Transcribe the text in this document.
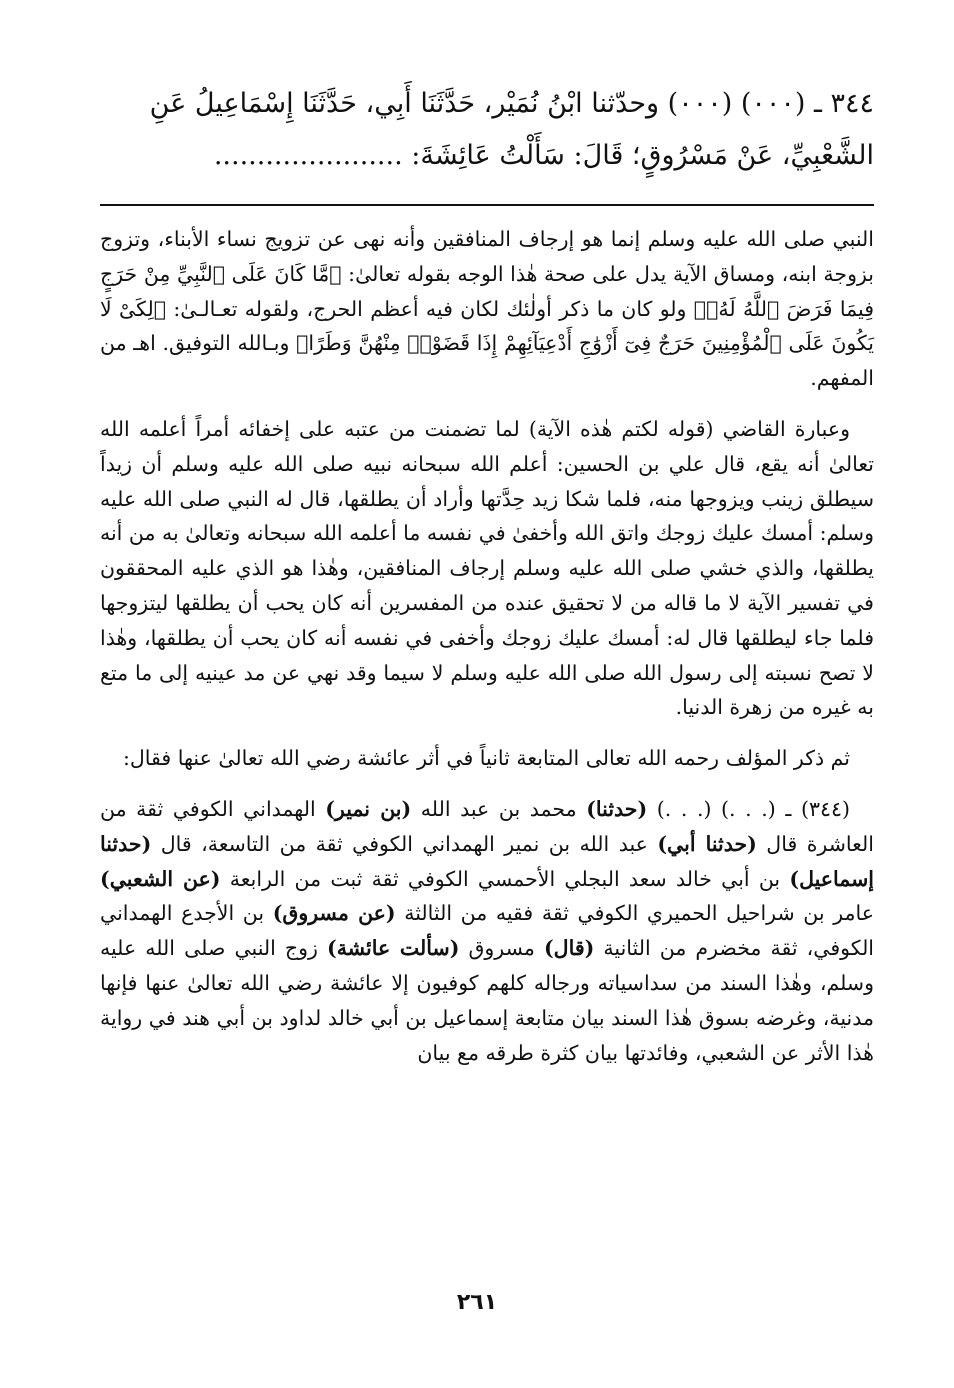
٣٤٤ ـ (٠٠٠) (٠٠٠) وحدّثنا ابْنُ نُمَيْر، حَدَّثَنَا أَبِي، حَدَّثَنَا إِسْمَاعِيلُ عَنِ

الشَّعْبِيِّ، عَنْ مَسْرُوقٍ؛ قَالَ: سَأَلْتُ عَائِشَةَ: ......................

النبي صلى الله عليه وسلم إنما هو إرجاف المنافقين وأنه نهى عن تزويج نساء الأبناء، وتزوج بزوجة ابنه، ومساق الآية يدل على صحة هٰذا الوجه بقوله تعالىٰ: ﴿مَّا كَانَ عَلَى ٱلنَّبِيِّ مِنْ حَرَجٍ فِيمَا فَرَضَ ٱللَّهُ لَهُۥ﴾ ولو كان ما ذكر أولٰئك لكان فيه أعظم الحرج، ولقوله تعـالـىٰ: ﴿لِكَىْ لَا يَكُونَ عَلَى ٱلْمُؤْمِنِينَ حَرَجٌ فِىٓ أَزْوَٰجِ أَدْعِيَآئِهِمْ إِذَا قَضَوْا۟ مِنْهُنَّ وَطَرًا﴾ وبـالله التوفيق. اهـ من المفهم.

وعبارة القاضي (قوله لكتم هٰذه الآية) لما تضمنت من عتبه على إخفائه أمراً أعلمه الله تعالىٰ أنه يقع، قال علي بن الحسين: أعلم الله سبحانه نبيه صلى الله عليه وسلم أن زيداً سيطلق زينب ويزوجها منه، فلما شكا زيد حِدَّتها وأراد أن يطلقها، قال له النبي صلى الله عليه وسلم: أمسك عليك زوجك واتق الله وأخفىٰ في نفسه ما أعلمه الله سبحانه وتعالىٰ به من أنه يطلقها، والذي خشي صلى الله عليه وسلم إرجاف المنافقين، وهٰذا هو الذي عليه المحققون في تفسير الآية لا ما قاله من لا تحقيق عنده من المفسرين أنه كان يحب أن يطلقها ليتزوجها فلما جاء ليطلقها قال له: أمسك عليك زوجك وأخفى في نفسه أنه كان يحب أن يطلقها، وهٰذا لا تصح نسبته إلى رسول الله صلى الله عليه وسلم لا سيما وقد نهي عن مد عينيه إلى ما متع به غيره من زهرة الدنيا.

ثم ذكر المؤلف رحمه الله تعالى المتابعة ثانياً في أثر عائشة رضي الله تعالىٰ عنها فقال:

(٣٤٤) ـ (. . .) (. . .) (حدثنا) محمد بن عبد الله (بن نمير) الهمداني الكوفي ثقة من العاشرة قال (حدثنا أبي) عبد الله بن نمير الهمداني الكوفي ثقة من التاسعة، قال (حدثنا إسماعيل) بن أبي خالد سعد البجلي الأحمسي الكوفي ثقة ثبت من الرابعة (عن الشعبي) عامر بن شراحيل الحميري الكوفي ثقة فقيه من الثالثة (عن مسروق) بن الأجدع الهمداني الكوفي، ثقة مخضرم من الثانية (قال) مسروق (سألت عائشة) زوج النبي صلى الله عليه وسلم، وهٰذا السند من سداسياته ورجاله كلهم كوفيون إلا عائشة رضي الله تعالىٰ عنها فإنها مدنية، وغرضه بسوق هٰذا السند بيان متابعة إسماعيل بن أبي خالد لداود بن أبي هند في رواية هٰذا الأثر عن الشعبي، وفائدتها بيان كثرة طرقه مع بيان

٢٦١
